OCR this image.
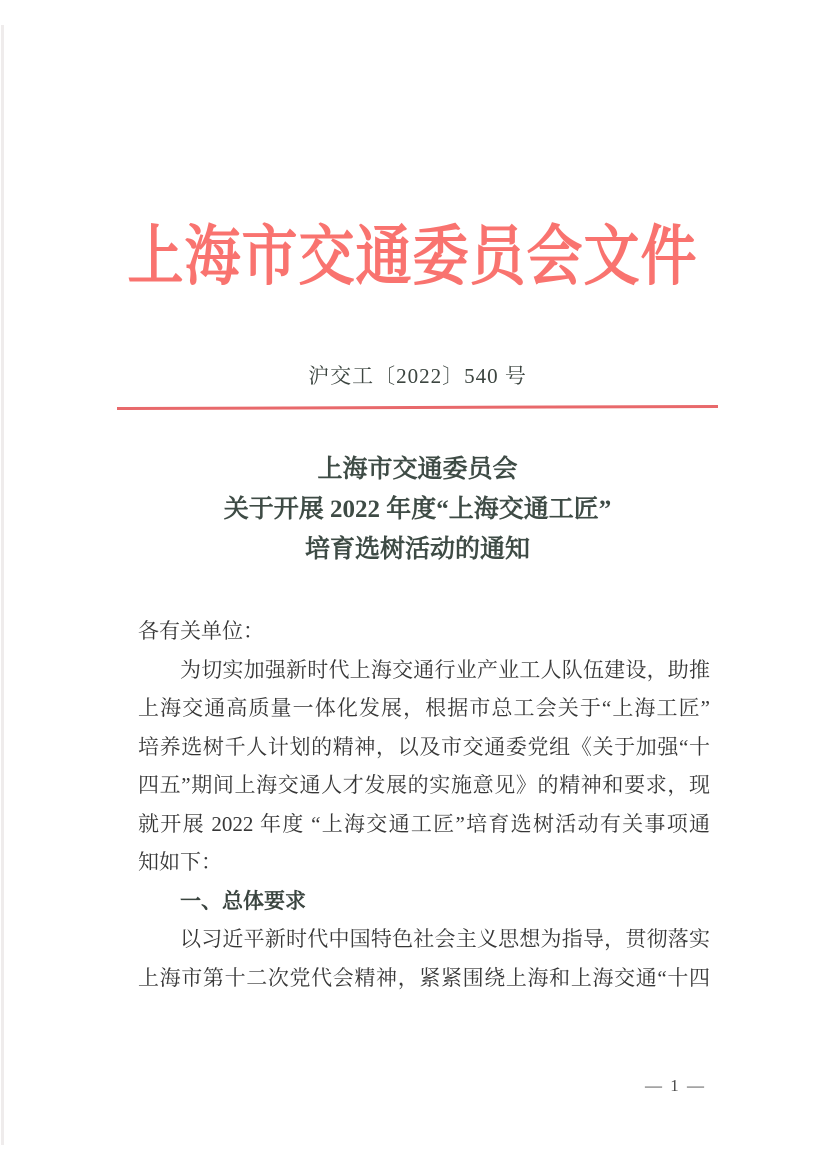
上海市交通委员会文件
沪交工〔2022〕540 号
上海市交通委员会
关于开展 2022 年度“上海交通工匠”
培育选树活动的通知
各有关单位：
为切实加强新时代上海交通行业产业工人队伍建设，助推
上海交通高质量一体化发展，根据市总工会关于“上海工匠”
培养选树千人计划的精神，以及市交通委党组《关于加强“十
四五”期间上海交通人才发展的实施意见》的精神和要求，现
就开展 2022 年度 “上海交通工匠”培育选树活动有关事项通
知如下：
一、总体要求
以习近平新时代中国特色社会主义思想为指导，贯彻落实
上海市第十二次党代会精神，紧紧围绕上海和上海交通“十四
— 1 —
